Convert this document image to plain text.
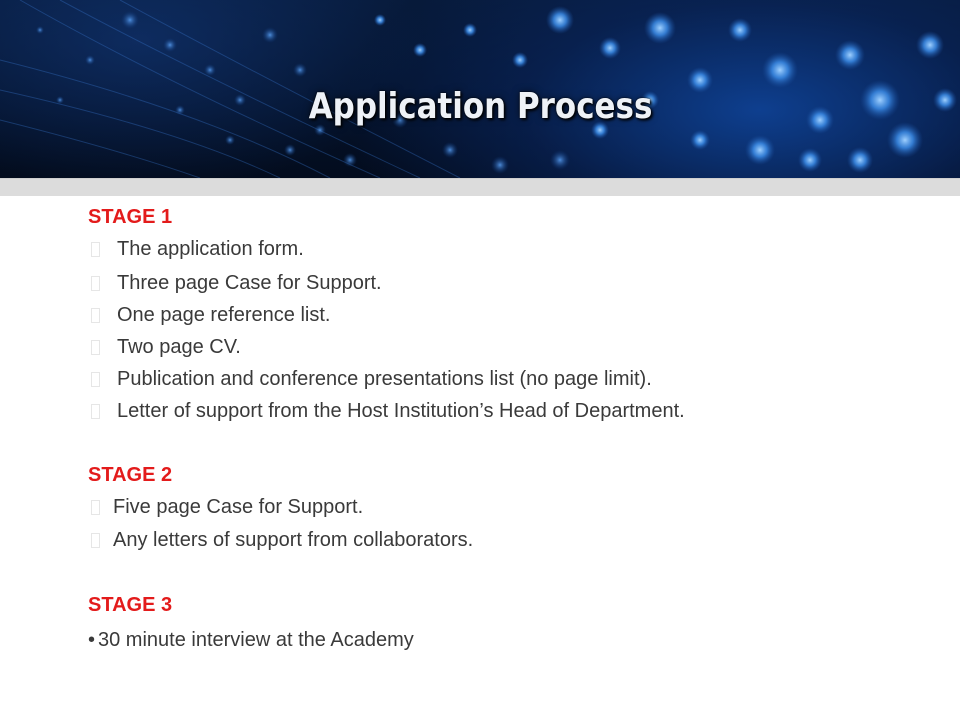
Application Process
STAGE 1
The application form.
Three page Case for Support.
One page reference list.
Two page CV.
Publication and conference presentations list (no page limit).
Letter of support from the Host Institution’s Head of Department.
STAGE 2
Five page Case for Support.
Any letters of support from collaborators.
STAGE 3
• 30 minute interview at the Academy
